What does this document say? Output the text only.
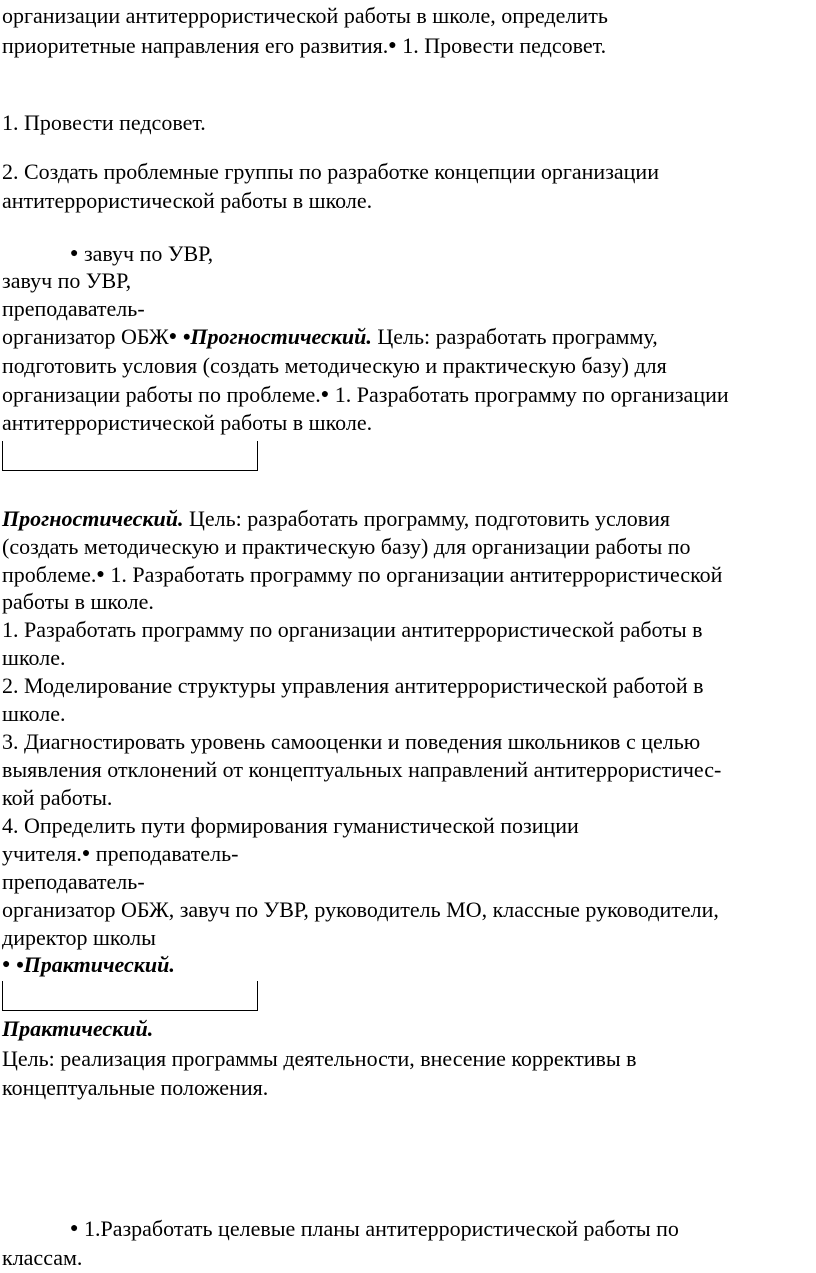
организации антитеррористической работы в школе, определить
приоритетные направления его развития.● 1. Провести педсовет.
1. Провести педсовет.
2. Создать проблемные группы по разработке концепции организации
антитеррористической работы в школе.
● завуч по УВР,
завуч по УВР,
преподаватель-
организатор ОБЖ● •Прогностический. Цель: разработать программу,
подготовить условия (создать методическую и практическую базу) для
организации работы по проблеме.● 1. Разработать программу по организации
антитеррористической работы в школе.
Прогностический. Цель: разработать программу, подготовить условия
(создать методическую и практическую базу) для организации работы по
проблеме.● 1. Разработать программу по организации антитеррористической
работы в школе.
1. Разработать программу по организации антитеррористической работы в
школе.
2. Моделирование структуры управления антитеррористической работой в
школе.
3. Диагностировать уровень самооценки и поведения школьников с целью
выявления отклонений от концептуальных направлений антитеррористичес-
кой работы.
4. Определить пути формирования гуманистической позиции
учителя.● преподаватель-
преподаватель-
организатор ОБЖ, завуч по УВР, руководитель МО, классные руководители,
директор школы
● •Практический.
Практический.
Цель: реализация программы деятельности, внесение коррективы в
концептуальные положения.
● 1.Разработать целевые планы антитеррористической работы по
классам.
